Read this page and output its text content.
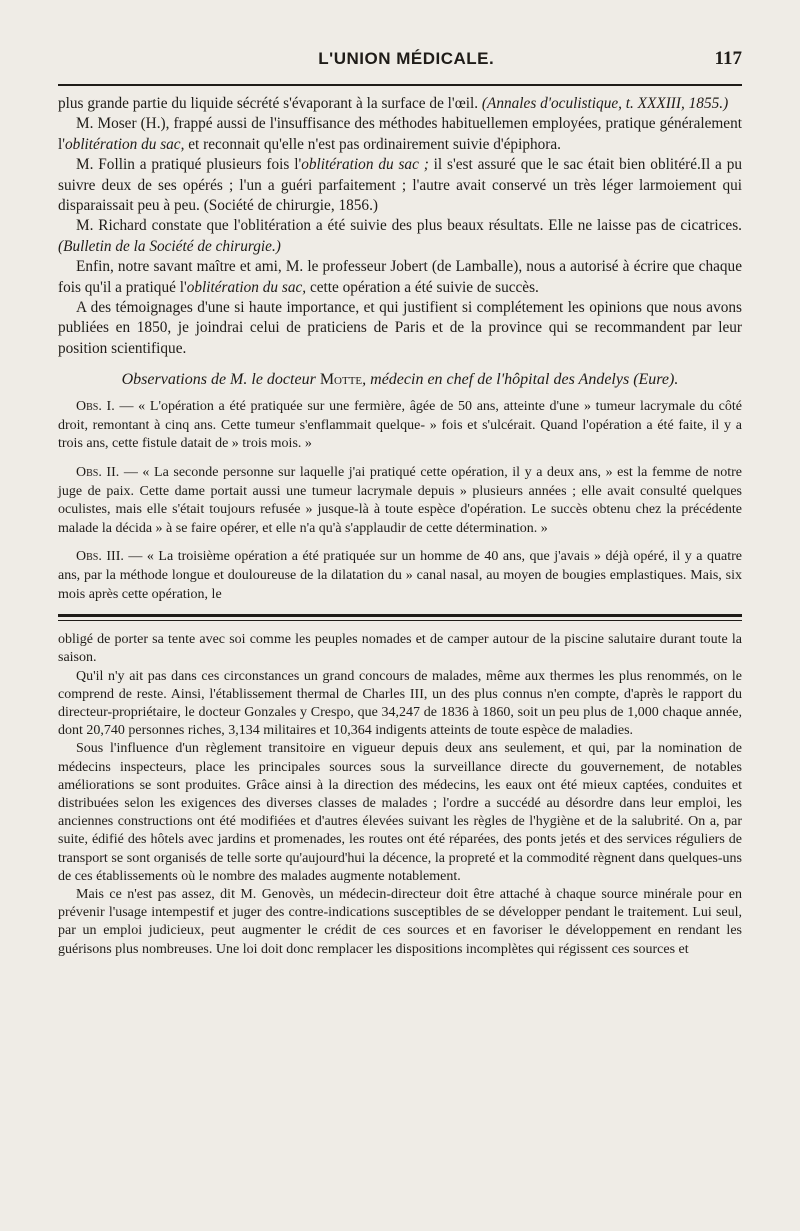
L'UNION MÉDICALE.	117

plus grande partie du liquide sécrété s'évaporant à la surface de l'œil. (Annales d'oculistique, t. XXXIII, 1855.)

M. Moser (H.), frappé aussi de l'insuffisance des méthodes habituellemen employées, pratique généralement l'oblitération du sac, et reconnait qu'elle n'est pas ordinairement suivie d'épiphora.

M. Follin a pratiqué plusieurs fois l'oblitération du sac ; il s'est assuré que le sac était bien oblitéré.Il a pu suivre deux de ses opérés ; l'un a guéri parfaitement ; l'autre avait conservé un très léger larmoiement qui disparaissait peu à peu. (Société de chirurgie, 1856.)

M. Richard constate que l'oblitération a été suivie des plus beaux résultats. Elle ne laisse pas de cicatrices. (Bulletin de la Société de chirurgie.)

Enfin, notre savant maître et ami, M. le professeur Jobert (de Lamballe), nous a autorisé à écrire que chaque fois qu'il a pratiqué l'oblitération du sac, cette opération a été suivie de succès.

A des témoignages d'une si haute importance, et qui justifient si complétement les opinions que nous avons publiées en 1850, je joindrai celui de praticiens de Paris et de la province qui se recommandent par leur position scientifique.

Observations de M. le docteur Motte, médecin en chef de l'hôpital des Andelys (Eure).

Obs. I. — « L'opération a été pratiquée sur une fermière, âgée de 50 ans, atteinte d'une » tumeur lacrymale du côté droit, remontant à cinq ans. Cette tumeur s'enflammait quelque- » fois et s'ulcérait. Quand l'opération a été faite, il y a trois ans, cette fistule datait de » trois mois. »

Obs. II. — « La seconde personne sur laquelle j'ai pratiqué cette opération, il y a deux ans, » est la femme de notre juge de paix. Cette dame portait aussi une tumeur lacrymale depuis » plusieurs années ; elle avait consulté quelques oculistes, mais elle s'était toujours refusée » jusque-là à toute espèce d'opération. Le succès obtenu chez la précédente malade la décida » à se faire opérer, et elle n'a qu'à s'applaudir de cette détermination. »

Obs. III. — « La troisième opération a été pratiquée sur un homme de 40 ans, que j'avais » déjà opéré, il y a quatre ans, par la méthode longue et douloureuse de la dilatation du » canal nasal, au moyen de bougies emplastiques. Mais, six mois après cette opération, le

obligé de porter sa tente avec soi comme les peuples nomades et de camper autour de la piscine salutaire durant toute la saison.

Qu'il n'y ait pas dans ces circonstances un grand concours de malades, même aux thermes les plus renommés, on le comprend de reste. Ainsi, l'établissement thermal de Charles III, un des plus connus n'en compte, d'après le rapport du directeur-propriétaire, le docteur Gonzales y Crespo, que 34,247 de 1836 à 1860, soit un peu plus de 1,000 chaque année, dont 20,740 personnes riches, 3,134 militaires et 10,364 indigents atteints de toute espèce de maladies.

Sous l'influence d'un règlement transitoire en vigueur depuis deux ans seulement, et qui, par la nomination de médecins inspecteurs, place les principales sources sous la surveillance directe du gouvernement, de notables améliorations se sont produites. Grâce ainsi à la direction des médecins, les eaux ont été mieux captées, conduites et distribuées selon les exigences des diverses classes de malades ; l'ordre a succédé au désordre dans leur emploi, les anciennes constructions ont été modifiées et d'autres élevées suivant les règles de l'hygiène et de la salubrité. On a, par suite, édifié des hôtels avec jardins et promenades, les routes ont été réparées, des ponts jetés et des services réguliers de transport se sont organisés de telle sorte qu'aujourd'hui la décence, la propreté et la commodité règnent dans quelques-uns de ces établissements où le nombre des malades augmente notablement.

Mais ce n'est pas assez, dit M. Genovès, un médecin-directeur doit être attaché à chaque source minérale pour en prévenir l'usage intempestif et juger des contre-indications susceptibles de se développer pendant le traitement. Lui seul, par un emploi judicieux, peut augmenter le crédit de ces sources et en favoriser le développement en rendant les guérisons plus nombreuses. Une loi doit donc remplacer les dispositions incomplètes qui régissent ces sources et
